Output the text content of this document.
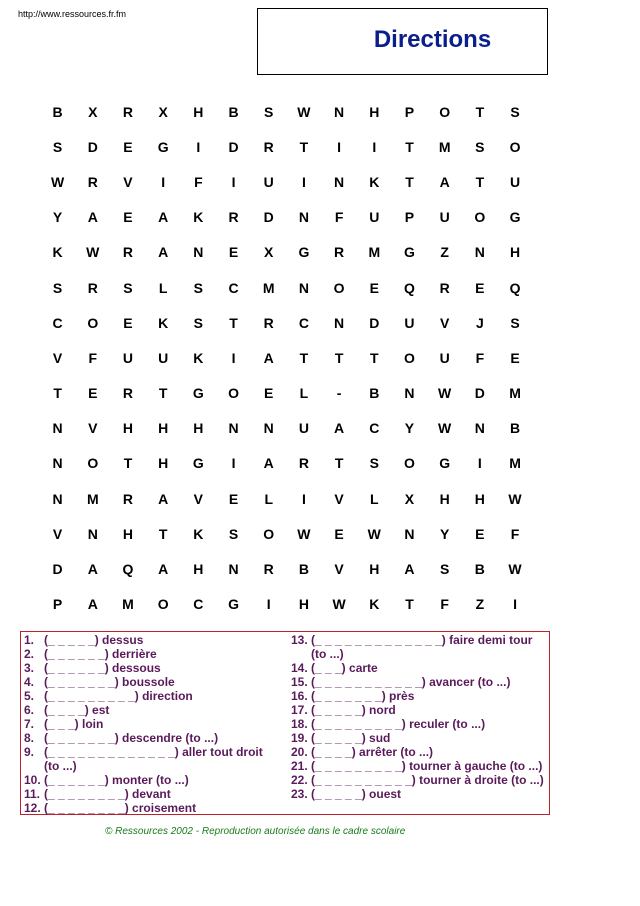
http://www.ressources.fr.fm
Directions
B	X	R	X	H	B	S	W	N	H	P	O	T	S
S	D	E	G	I	D	R	T	I	I	T	M	S	O
W	R	V	I	F	I	U	I	N	K	T	A	T	U
Y	A	E	A	K	R	D	N	F	U	P	U	O	G
K	W	R	A	N	E	X	G	R	M	G	Z	N	H
S	R	S	L	S	C	M	N	O	E	Q	R	E	Q
C	O	E	K	S	T	R	C	N	D	U	V	J	S
V	F	U	U	K	I	A	T	T	T	O	U	F	E
T	E	R	T	G	O	E	L	-	B	N	W	D	M
N	V	H	H	H	N	N	U	A	C	Y	W	N	B
N	O	T	H	G	I	A	R	T	S	O	G	I	M
N	M	R	A	V	E	L	I	V	L	X	H	H	W
V	N	H	T	K	S	O	W	E	W	N	Y	E	F
D	A	Q	A	H	N	R	B	V	H	A	S	B	W
P	A	M	O	C	G	I	H	W	K	T	F	Z	I
1. (_ _ _ _ _) dessus
2. (_ _ _ _ _ _) derrière
3. (_ _ _ _ _ _) dessous
4. (_ _ _ _ _ _ _) boussole
5. (_ _ _ _ _ _ _ _ _) direction
6. (_ _ _ _) est
7. (_ _ _) loin
8. (_ _ _ _ _ _ _) descendre (to ...)
9. (_ _ _ _ _ _ _ _ _ _ _ _ _) aller tout droit
(to ...)
10. (_ _ _ _ _ _) monter (to ...)
11. (_ _ _ _ _ _ _ _) devant
12. (_ _ _ _ _ _ _ _) croisement
13. (_ _ _ _ _ _ _ _ _ _ _ _ _) faire demi tour
(to ...)
14. (_ _ _) carte
15. (_ _ _ _ _ _ _ _ _ _ _) avancer (to ...)
16. (_ _ _ _ _ _ _) près
17. (_ _ _ _ _) nord
18. (_ _ _ _ _ _ _ _ _) reculer (to ...)
19. (_ _ _ _ _) sud
20. (_ _ _ _) arrêter (to ...)
21. (_ _ _ _ _ _ _ _ _) tourner à gauche (to ...)
22. (_ _ _ _ _ _ _ _ _ _) tourner à droite (to ...)
23. (_ _ _ _ _) ouest
© Ressources 2002 - Reproduction autorisée dans le cadre scolaire
